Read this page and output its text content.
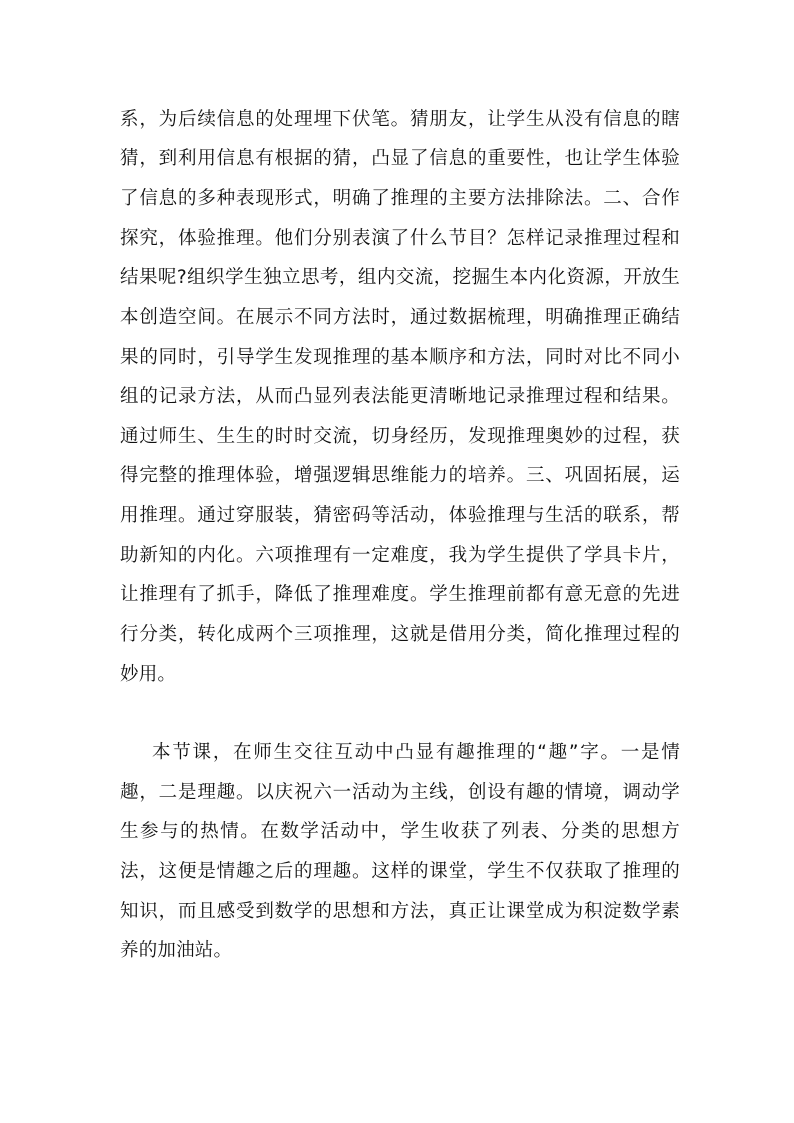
系，为后续信息的处理埋下伏笔。猜朋友，让学生从没有信息的瞎
猜，到利用信息有根据的猜，凸显了信息的重要性，也让学生体验
了信息的多种表现形式，明确了推理的主要方法排除法。二、合作
探究，体验推理。他们分别表演了什么节目？怎样记录推理过程和
结果呢?组织学生独立思考，组内交流，挖掘生本内化资源，开放生
本创造空间。在展示不同方法时，通过数据梳理，明确推理正确结
果的同时，引导学生发现推理的基本顺序和方法，同时对比不同小
组的记录方法，从而凸显列表法能更清晰地记录推理过程和结果。
通过师生、生生的时时交流，切身经历，发现推理奥妙的过程，获
得完整的推理体验，增强逻辑思维能力的培养。三、巩固拓展，运
用推理。通过穿服装，猜密码等活动，体验推理与生活的联系，帮
助新知的内化。六项推理有一定难度，我为学生提供了学具卡片，
让推理有了抓手，降低了推理难度。学生推理前都有意无意的先进
行分类，转化成两个三项推理，这就是借用分类，简化推理过程的
妙用。
本节课，在师生交往互动中凸显有趣推理的“趣”字。一是情
趣，二是理趣。以庆祝六一活动为主线，创设有趣的情境，调动学
生参与的热情。在数学活动中，学生收获了列表、分类的思想方
法，这便是情趣之后的理趣。这样的课堂，学生不仅获取了推理的
知识，而且感受到数学的思想和方法，真正让课堂成为积淀数学素
养的加油站。
